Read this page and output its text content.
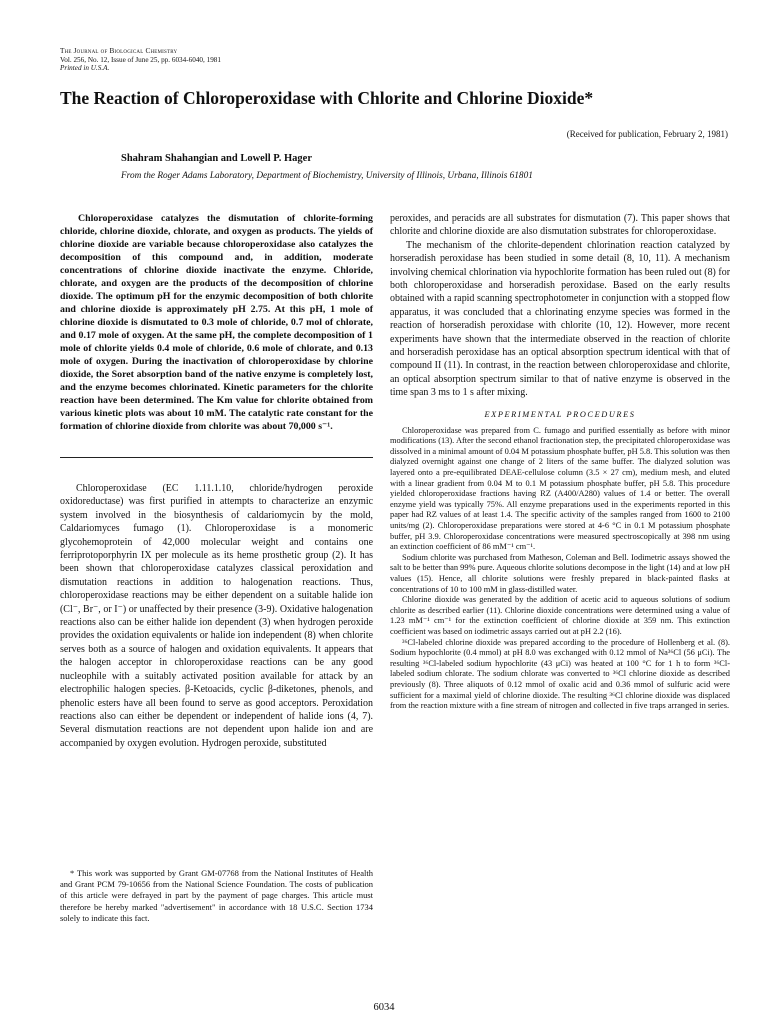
The Journal of Biological Chemistry
Vol. 256, No. 12, Issue of June 25, pp. 6034-6040, 1981
Printed in U.S.A.
The Reaction of Chloroperoxidase with Chlorite and Chlorine Dioxide*
(Received for publication, February 2, 1981)
Shahram Shahangian and Lowell P. Hager
From the Roger Adams Laboratory, Department of Biochemistry, University of Illinois, Urbana, Illinois 61801

Chloroperoxidase catalyzes the dismutation of chlorite-forming chloride, chlorine dioxide, chlorate, and oxygen as products. The yields of chlorine dioxide are variable because chloroperoxidase also catalyzes the decomposition of this compound and, in addition, moderate concentrations of chlorine dioxide inactivate the enzyme. Chloride, chlorate, and oxygen are the products of the decomposition of chlorine dioxide. The optimum pH for the enzymic decomposition of both chlorite and chlorine dioxide is approximately pH 2.75. At this pH, 1 mole of chlorine dioxide is dismutated to 0.3 mole of chloride, 0.7 mol of chlorate, and 0.17 mole of oxygen. At the same pH, the complete decomposition of 1 mole of chlorite yields 0.4 mole of chloride, 0.6 mole of chlorate, and 0.13 mole of oxygen. During the inactivation of chloroperoxidase by chlorine dioxide, the Soret absorption band of the native enzyme is completely lost, and the enzyme becomes chlorinated. Kinetic parameters for the chlorite reaction have been determined. The Km value for chlorite obtained from various kinetic plots was about 10 mM. The catalytic rate constant for the formation of chlorine dioxide from chlorite was about 70,000 s⁻¹.

Chloroperoxidase (EC 1.11.1.10, chloride/hydrogen peroxide oxidoreductase) was first purified in attempts to characterize an enzymic system involved in the biosynthesis of caldariomycin by the mold, Caldariomyces fumago (1). Chloroperoxidase is a monomeric glycohemoprotein of 42,000 molecular weight and contains one ferriprotoporphyrin IX per molecule as its heme prosthetic group (2). It has been shown that chloroperoxidase catalyzes classical peroxidation and dismutation reactions in addition to halogenation reactions. Thus, chloroperoxidase reactions may be either dependent on a suitable halide ion (Cl⁻, Br⁻, or I⁻) or unaffected by their presence (3-9). Oxidative halogenation reactions also can be either halide ion dependent (3) when hydrogen peroxide provides the oxidation equivalents or halide ion independent (8) when chlorite serves both as a source of halogen and oxidation equivalents. It appears that the halogen acceptor in chloroperoxidase reactions can be any good nucleophile with a suitably activated position available for attack by an electrophilic halogen species. β-Ketoacids, cyclic β-diketones, phenols, and phenolic esters have all been found to serve as good acceptors. Peroxidation reactions also can either be dependent or independent of halide ions (4, 7). Several dismutation reactions are not dependent upon halide ion and are accompanied by oxygen evolution. Hydrogen peroxide, substituted

* This work was supported by Grant GM-07768 from the National Institutes of Health and Grant PCM 79-10656 from the National Science Foundation. The costs of publication of this article were defrayed in part by the payment of page charges. This article must therefore be hereby marked "advertisement" in accordance with 18 U.S.C. Section 1734 solely to indicate this fact.

peroxides, and peracids are all substrates for dismutation (7). This paper shows that chlorite and chlorine dioxide are also dismutation substrates for chloroperoxidase.

The mechanism of the chlorite-dependent chlorination reaction catalyzed by horseradish peroxidase has been studied in some detail (8, 10, 11). A mechanism involving chemical chlorination via hypochlorite formation has been ruled out (8) for both chloroperoxidase and horseradish peroxidase. Based on the early results obtained with a rapid scanning spectrophotometer in conjunction with a stopped flow apparatus, it was concluded that a chlorinating enzyme species was formed in the reaction of horseradish peroxidase with chlorite (10, 12). However, more recent experiments have shown that the intermediate observed in the reaction of chlorite and horseradish peroxidase has an optical absorption spectrum identical with that of compound II (11). In contrast, in the reaction between chloroperoxidase and chlorite, an optical absorption spectrum similar to that of native enzyme is observed in the time span 3 ms to 1 s after mixing.

EXPERIMENTAL PROCEDURES

Chloroperoxidase was prepared from C. fumago and purified essentially as before with minor modifications (13). After the second ethanol fractionation step, the precipitated chloroperoxidase was dissolved in a minimal amount of 0.04 M potassium phosphate buffer, pH 5.8. This solution was then dialyzed overnight against one change of 2 liters of the same buffer. The dialyzed solution was layered onto a pre-equilibrated DEAE-cellulose column (3.5 × 27 cm), medium mesh, and eluted with a linear gradient from 0.04 M to 0.1 M potassium phosphate buffer, pH 5.8. This procedure yielded chloroperoxidase fractions having RZ (A400/A280) values of 1.4 or better. The overall enzyme yield was typically 75%. All enzyme preparations used in the experiments reported in this paper had RZ values of at least 1.4. The specific activity of the samples ranged from 1600 to 2100 units/mg (2). Chloroperoxidase preparations were stored at 4-6 °C in 0.1 M potassium phosphate buffer, pH 3.9. Chloroperoxidase concentrations were measured spectroscopically at 398 nm using an extinction coefficient of 86 mM⁻¹ cm⁻¹.

Sodium chlorite was purchased from Matheson, Coleman and Bell. Iodimetric assays showed the salt to be better than 99% pure. Aqueous chlorite solutions decompose in the light (14) and at low pH values (15). Hence, all chlorite solutions were freshly prepared in black-painted flasks at concentrations of 10 to 100 mM in glass-distilled water.

Chlorine dioxide was generated by the addition of acetic acid to aqueous solutions of sodium chlorite as described earlier (11). Chlorine dioxide concentrations were determined using a value of 1.23 mM⁻¹ cm⁻¹ for the extinction coefficient of chlorine dioxide at 359 nm. This extinction coefficient was based on iodimetric assays carried out at pH 2.2 (16).

³⁶Cl-labeled chlorine dioxide was prepared according to the procedure of Hollenberg et al. (8). Sodium hypochlorite (0.4 mmol) at pH 8.0 was exchanged with 0.12 mmol of Na³⁶Cl (56 μCi). The resulting ³⁶Cl-labeled sodium hypochlorite (43 μCi) was heated at 100 °C for 1 h to form ³⁶Cl-labeled sodium chlorate. The sodium chlorate was converted to ³⁶Cl chlorine dioxide as described previously (8). Three aliquots of 0.12 mmol of oxalic acid and 0.36 mmol of sulfuric acid were sufficient for a maximal yield of chlorine dioxide. The resulting ³⁶Cl chlorine dioxide was displaced from the reaction mixture with a fine stream of nitrogen and collected in five traps arranged in series.

6034
